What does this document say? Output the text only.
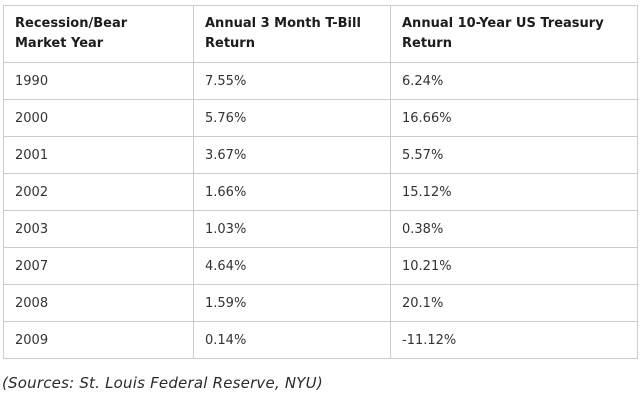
Recession/Bear Market Year	Annual 3 Month T-Bill Return	Annual 10-Year US Treasury Return
1990	7.55%	6.24%
2000	5.76%	16.66%
2001	3.67%	5.57%
2002	1.66%	15.12%
2003	1.03%	0.38%
2007	4.64%	10.21%
2008	1.59%	20.1%
2009	0.14%	-11.12%
(Sources: St. Louis Federal Reserve, NYU)
